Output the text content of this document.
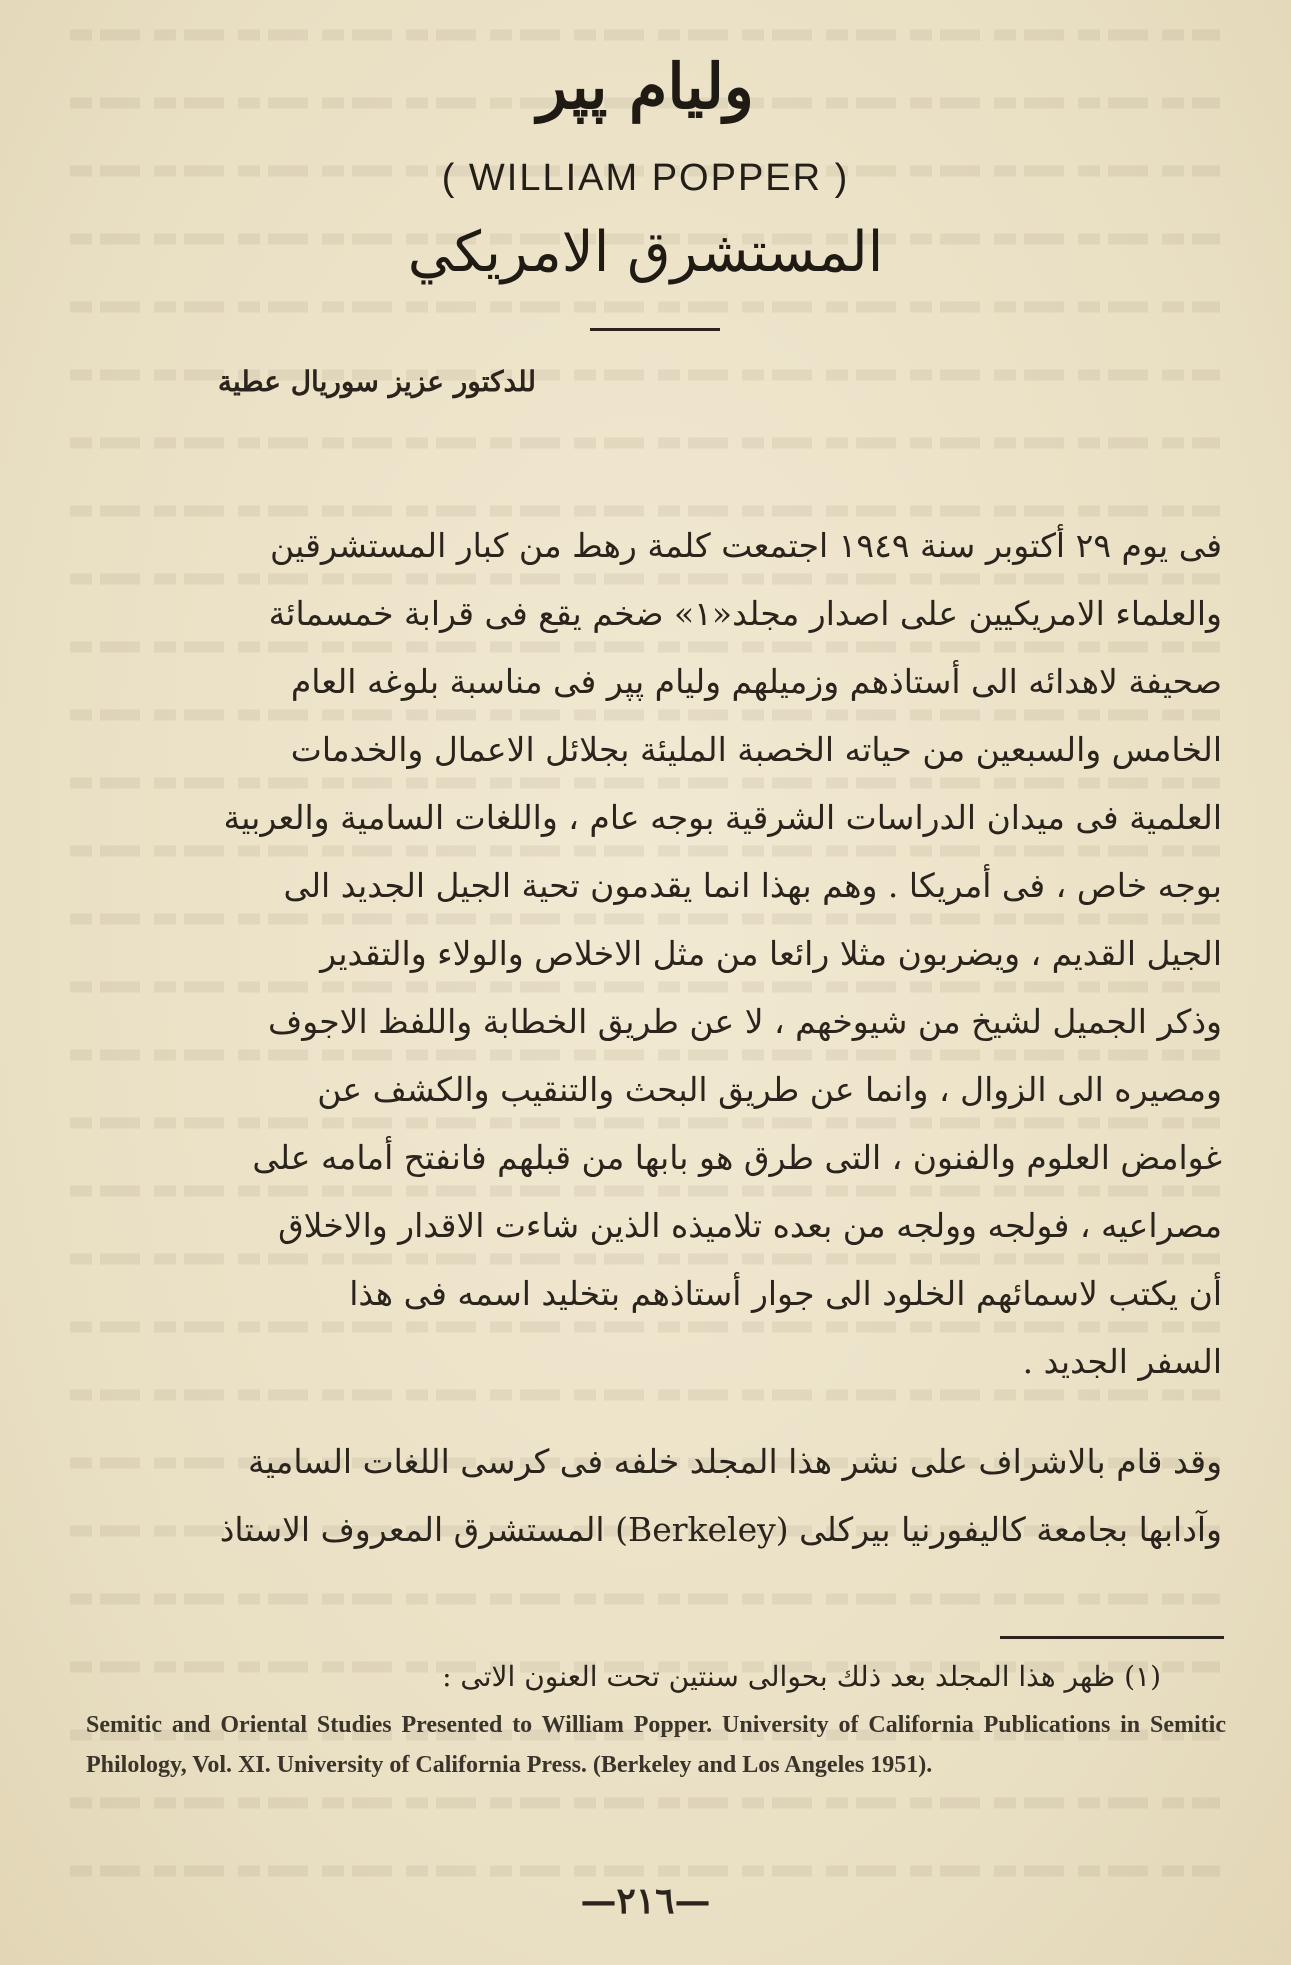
وليام پپر
( WILLIAM POPPER )
المستشرق الامريكي
للدكتور عزيز سوريال عطية
فى يوم ٢٩ أكتوبر سنة ١٩٤٩ اجتمعت كلمة رهط من كبار المستشرقين
والعلماء الامريكيين على اصدار مجلد«١» ضخم يقع فى قرابة خمسمائة
صحيفة لاهدائه الى أستاذهم وزميلهم وليام پپر فى مناسبة بلوغه العام
الخامس والسبعين من حياته الخصبة المليئة بجلائل الاعمال والخدمات
العلمية فى ميدان الدراسات الشرقية بوجه عام ، واللغات السامية والعربية
بوجه خاص ، فى أمريكا . وهم بهذا انما يقدمون تحية الجيل الجديد الى
الجيل القديم ، ويضربون مثلا رائعا من مثل الاخلاص والولاء والتقدير
وذكر الجميل لشيخ من شيوخهم ، لا عن طريق الخطابة واللفظ الاجوف
ومصيره الى الزوال ، وانما عن طريق البحث والتنقيب والكشف عن
غوامض العلوم والفنون ، التى طرق هو بابها من قبلهم فانفتح أمامه على
مصراعيه ، فولجه وولجه من بعده تلاميذه الذين شاءت الاقدار والاخلاق
أن يكتب لاسمائهم الخلود الى جوار أستاذهم بتخليد اسمه فى هذا
السفر الجديد .
وقد قام بالاشراف على نشر هذا المجلد خلفه فى كرسى اللغات السامية
وآدابها بجامعة كاليفورنيا بيركلى (Berkeley) المستشرق المعروف الاستاذ
(١) ظهر هذا المجلد بعد ذلك بحوالى سنتين تحت العنون الاتى :
Semitic and Oriental Studies Presented to William Popper. University of California Publications in Semitic Philology, Vol. XI. University of California Press. (Berkeley and Los Angeles 1951).
—٢١٦—
